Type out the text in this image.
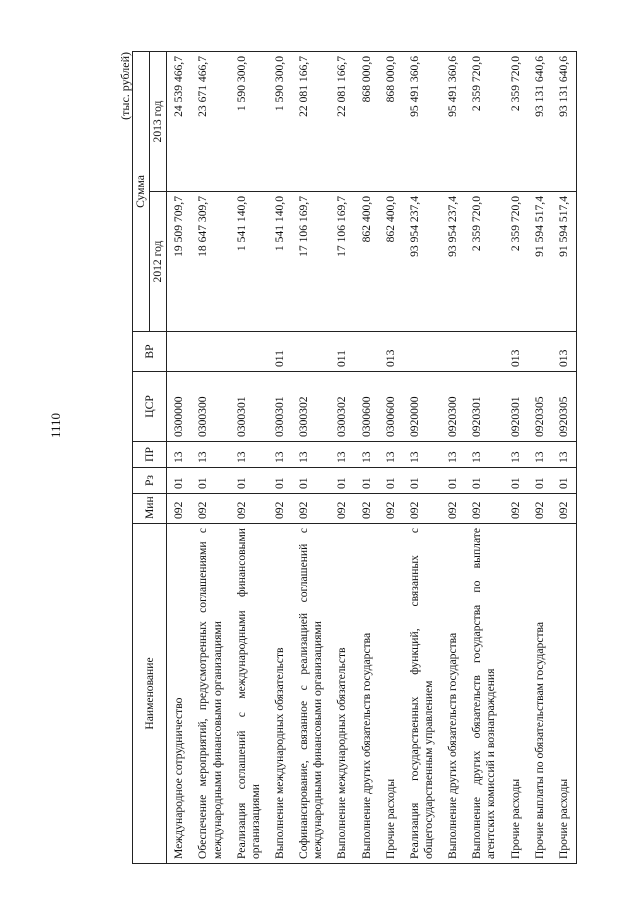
1110
(тыс. рублей)
Наименование	Мин	Рз	ПР	ЦСР	ВР	Сумма	
						2012 год	2013 год
Международное сотрудничество	092	01	13	0300000		19 509 709,7	24 539 466,7
Обеспечение мероприятий, предусмотренных соглашениями с международными финансовыми организациями	092	01	13	0300300		18 647 309,7	23 671 466,7
Реализация соглашений с международными финансовыми организациями	092	01	13	0300301		1 541 140,0	1 590 300,0
Выполнение международных обязательств	092	01	13	0300301	011	1 541 140,0	1 590 300,0
Софинансирование, связанное с реализацией соглашений с международными финансовыми организациями	092	01	13	0300302		17 106 169,7	22 081 166,7
Выполнение международных обязательств	092	01	13	0300302	011	17 106 169,7	22 081 166,7
Выполнение других обязательств государства	092	01	13	0300600		862 400,0	868 000,0
Прочие расходы	092	01	13	0300600	013	862 400,0	868 000,0
Реализация государственных функций, связанных с общегосударственным управлением	092	01	13	0920000		93 954 237,4	95 491 360,6
Выполнение других обязательств государства	092	01	13	0920300		93 954 237,4	95 491 360,6
Выполнение других обязательств государства по выплате агентских комиссий и вознаграждения	092	01	13	0920301		2 359 720,0	2 359 720,0
Прочие расходы	092	01	13	0920301	013	2 359 720,0	2 359 720,0
Прочие выплаты по обязательствам государства	092	01	13	0920305		91 594 517,4	93 131 640,6
Прочие расходы	092	01	13	0920305	013	91 594 517,4	93 131 640,6
